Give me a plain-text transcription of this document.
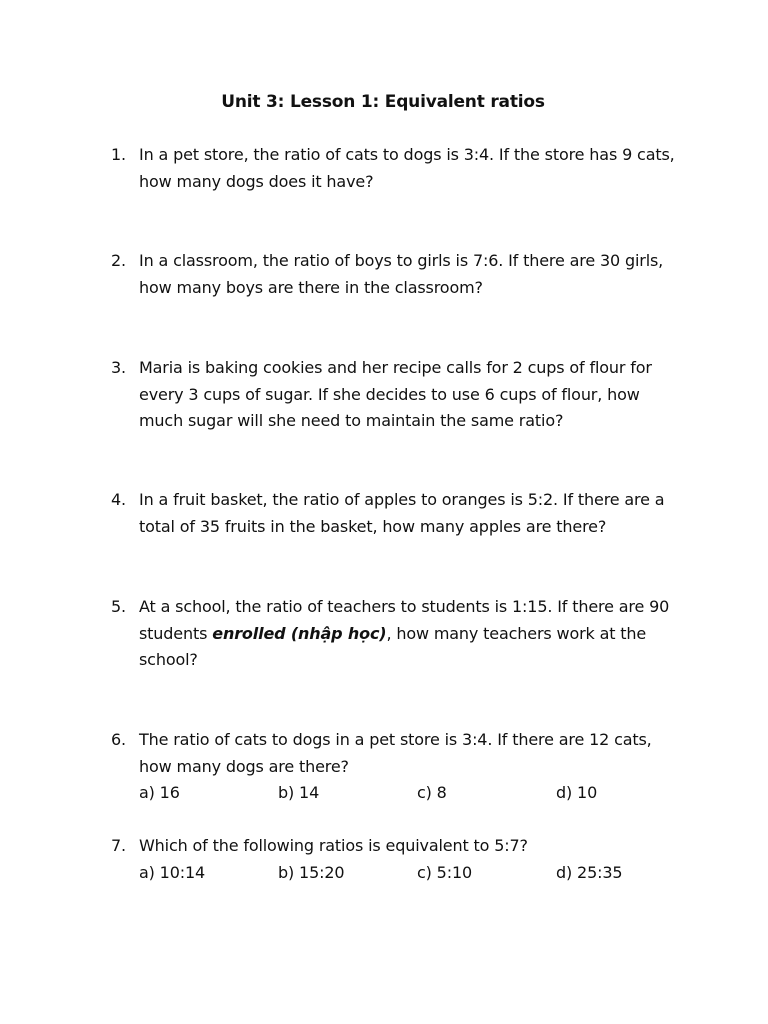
Unit 3: Lesson 1: Equivalent ratios
1. In a pet store, the ratio of cats to dogs is 3:4. If the store has 9 cats,
how many dogs does it have?
2. In a classroom, the ratio of boys to girls is 7:6. If there are 30 girls,
how many boys are there in the classroom?
3. Maria is baking cookies and her recipe calls for 2 cups of flour for
every 3 cups of sugar. If she decides to use 6 cups of flour, how
much sugar will she need to maintain the same ratio?
4. In a fruit basket, the ratio of apples to oranges is 5:2. If there are a
total of 35 fruits in the basket, how many apples are there?
5. At a school, the ratio of teachers to students is 1:15. If there are 90
students enrolled (nhập học), how many teachers work at the
school?
6. The ratio of cats to dogs in a pet store is 3:4. If there are 12 cats,
how many dogs are there?
a) 16	b) 14	c) 8	d) 10
7. Which of the following ratios is equivalent to 5:7?
a) 10:14	b) 15:20	c) 5:10	d) 25:35
